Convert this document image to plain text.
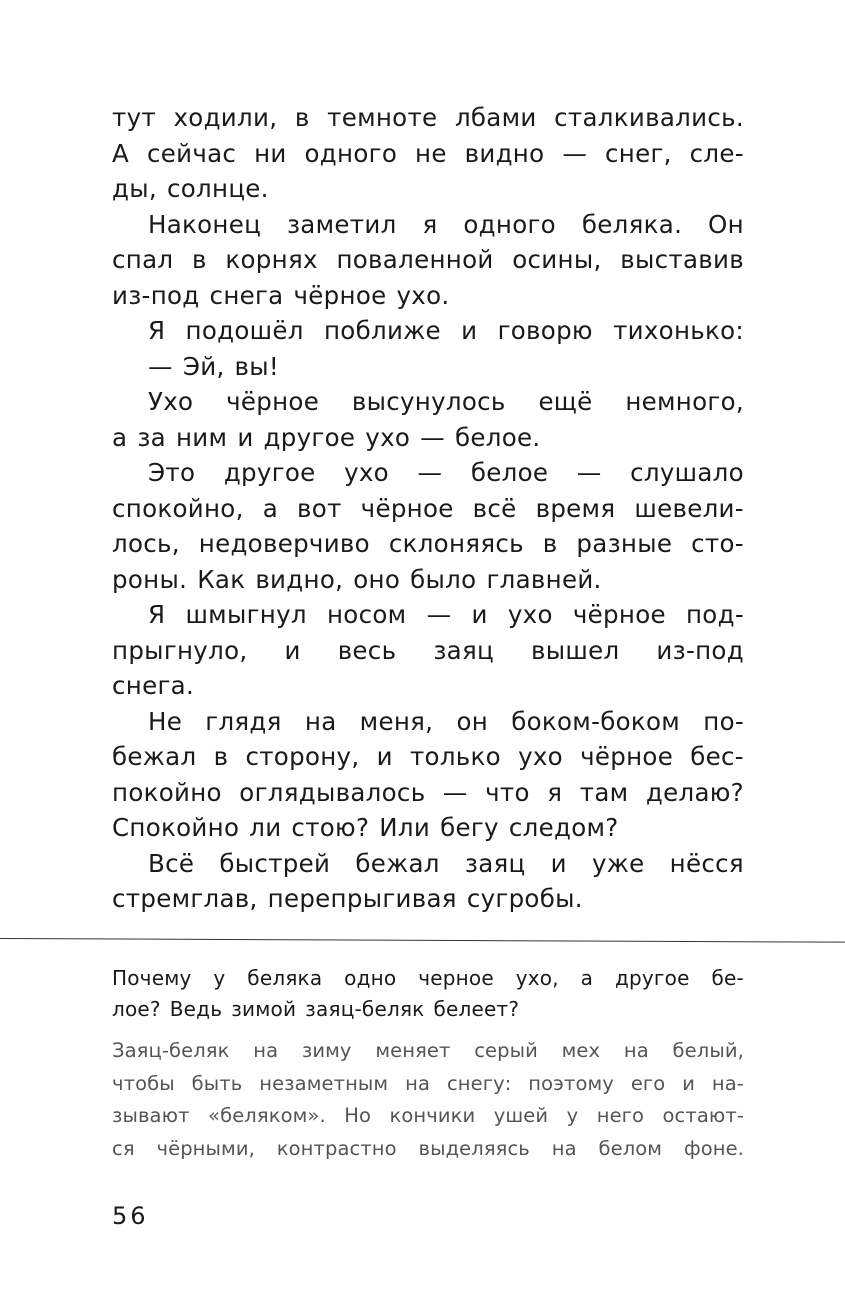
тут ходили, в темноте лбами сталкивались.
А сейчас ни одного не видно — снег, сле-
ды, солнце.
Наконец заметил я одного беляка. Он
спал в корнях поваленной осины, выставив
из-под снега чёрное ухо.
Я подошёл поближе и говорю тихонько:
— Эй, вы!
Ухо чёрное высунулось ещё немного,
а за ним и другое ухо — белое.
Это другое ухо — белое — слушало
спокойно, а вот чёрное всё время шевели-
лось, недоверчиво склоняясь в разные сто-
роны. Как видно, оно было главней.
Я шмыгнул носом — и ухо чёрное под-
прыгнуло, и весь заяц вышел из-под
снега.
Не глядя на меня, он боком-боком по-
бежал в сторону, и только ухо чёрное бес-
покойно оглядывалось — что я там делаю?
Спокойно ли стою? Или бегу следом?
Всё быстрей бежал заяц и уже нёсся
стремглав, перепрыгивая сугробы.
Почему у беляка одно черное ухо, а другое бе-
лое? Ведь зимой заяц-беляк белеет?
Заяц-беляк на зиму меняет серый мех на белый,
чтобы быть незаметным на снегу: поэтому его и на-
зывают «беляком». Но кончики ушей у него остают-
ся чёрными, контрастно выделяясь на белом фоне.
56
